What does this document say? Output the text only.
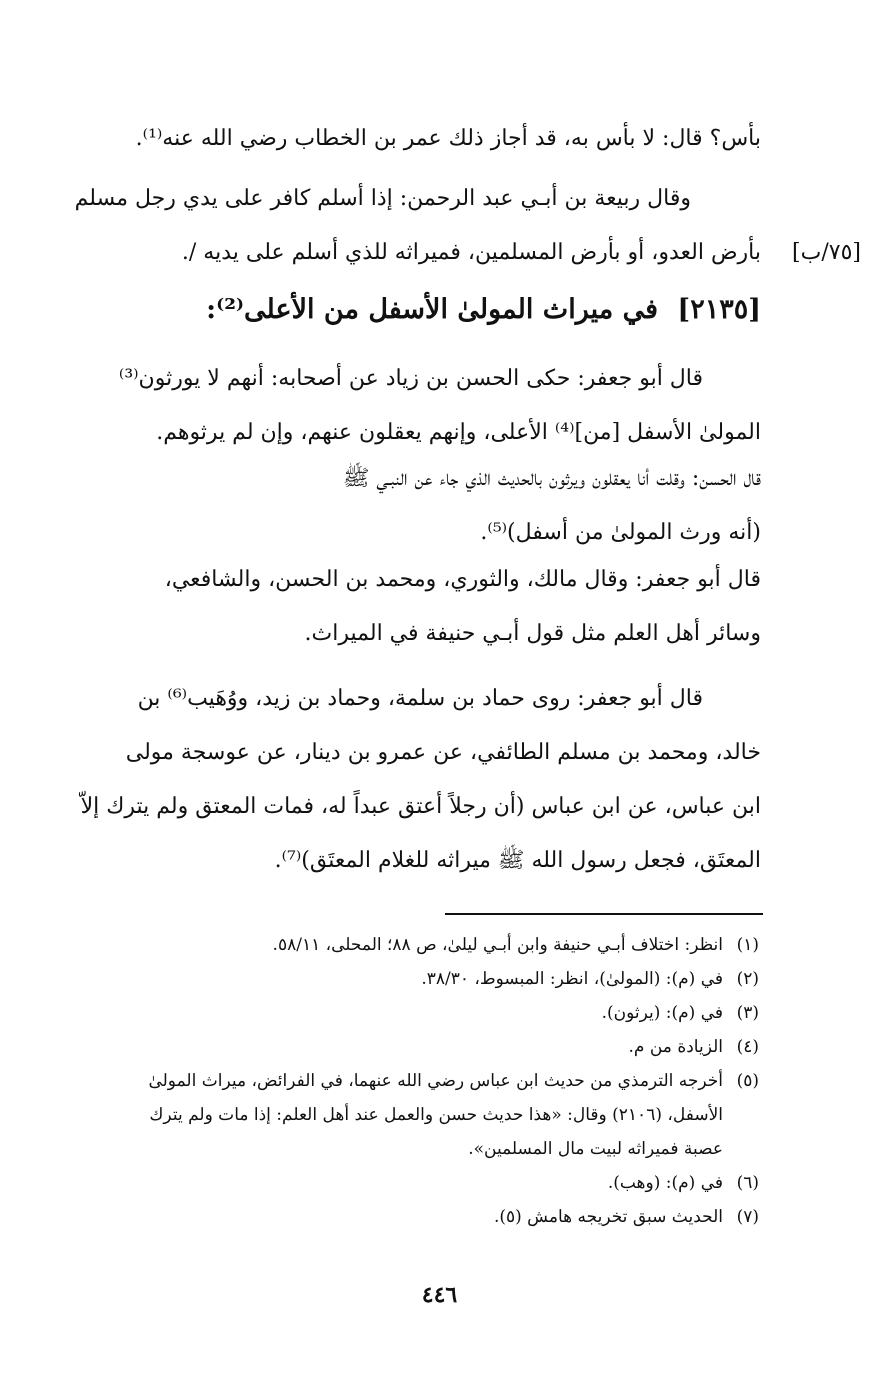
بأس؟ قال: لا بأس به، قد أجاز ذلك عمر بن الخطاب رضي الله عنه⁽¹⁾.
وقال ربيعة بن أبـي عبد الرحمن: إذا أسلم كافر على يدي رجل مسلم
بأرض العدو، أو بأرض المسلمين، فميراثه للذي أسلم على يديه /. [٧٥/ب]
[٢١٣٥] في ميراث المولىٰ الأسفل من الأعلى⁽²⁾:
قال أبو جعفر: حكى الحسن بن زياد عن أصحابه: أنهم لا يورثون⁽³⁾
المولىٰ الأسفل [من]⁽⁴⁾ الأعلى، وإنهم يعقلون عنهم، وإن لم يرثوهم.
قال الحسن: وقلت أنا يعقلون ويرثون بالحديث الذي جاء عن النبـي ﷺ
(أنه ورث المولىٰ من أسفل)⁽⁵⁾.
قال أبو جعفر: وقال مالك، والثوري، ومحمد بن الحسن، والشافعي،
وسائر أهل العلم مثل قول أبـي حنيفة في الميراث.
قال أبو جعفر: روى حماد بن سلمة، وحماد بن زيد، ووُهَيب⁽⁶⁾ بن
خالد، ومحمد بن مسلم الطائفي، عن عمرو بن دينار، عن عوسجة مولى
ابن عباس، عن ابن عباس (أن رجلاً أعتق عبداً له، فمات المعتق ولم يترك إلاّ
المعتَق، فجعل رسول الله ﷺ ميراثه للغلام المعتَق)⁽⁷⁾.
(١)
انظر: اختلاف أبـي حنيفة وابن أبـي ليلىٰ، ص ٨٨؛ المحلى، ٥٨/١١.
(٢)
في (م): (المولىٰ)، انظر: المبسوط، ٣٨/٣٠.
(٣)
في (م): (يرثون).
(٤)
الزيادة من م.
(٥)
أخرجه الترمذي من حديث ابن عباس رضي الله عنهما، في الفرائض، ميراث المولىٰ
الأسفل، (٢١٠٦) وقال: «هذا حديث حسن والعمل عند أهل العلم: إذا مات ولم يترك
عصبة فميراثه لبيت مال المسلمين».
(٦)
في (م): (وهب).
(٧)
الحديث سبق تخريجه هامش (٥).
٤٤٦
